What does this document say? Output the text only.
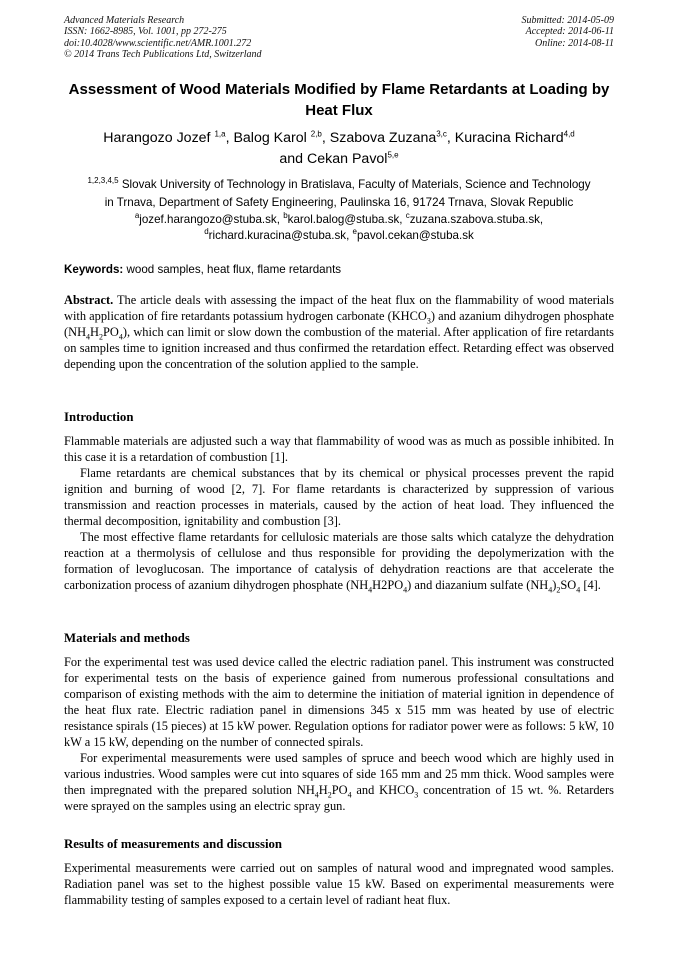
Advanced Materials Research
ISSN: 1662-8985, Vol. 1001, pp 272-275
doi:10.4028/www.scientific.net/AMR.1001.272
© 2014 Trans Tech Publications Ltd, Switzerland
Submitted: 2014-05-09
Accepted: 2014-06-11
Online: 2014-08-11
Assessment of Wood Materials Modified by Flame Retardants at Loading by Heat Flux
Harangozo Jozef $^{1,a}$, Balog Karol $^{2,b}$, Szabova Zuzana$^{3,c}$, Kuracina Richard$^{4,d}$
and Cekan Pavol$^{5,e}$
$^{1,2,3,4,5}$ Slovak University of Technology in Bratislava, Faculty of Materials, Science and Technology
in Trnava, Department of Safety Engineering, Paulinska 16, 91724 Trnava, Slovak Republic
$^a$jozef.harangozo@stuba.sk, $^b$karol.balog@stuba.sk, $^c$zuzana.szabova.stuba.sk,
$^d$richard.kuracina@stuba.sk, $^e$pavol.cekan@stuba.sk
Keywords: wood samples, heat flux, flame retardants

Abstract. The article deals with assessing the impact of the heat flux on the flammability of wood materials with application of fire retardants potassium hydrogen carbonate $(KHCO_3)$ and azanium dihydrogen phosphate $(NH_4H_2PO_4)$, which can limit or slow down the combustion of the material. After application of fire retardants on samples time to ignition increased and thus confirmed the retardation effect. Retarding effect was observed depending upon the concentration of the solution applied to the sample.

Introduction

Flammable materials are adjusted such a way that flammability of wood was as much as possible inhibited. In this case it is a retardation of combustion [1].

Flame retardants are chemical substances that by its chemical or physical processes prevent the rapid ignition and burning of wood [2, 7]. For flame retardants is characterized by suppression of various transmission and reaction processes in materials, caused by the action of heat load. They influenced the thermal decomposition, ignitability and combustion [3].

The most effective flame retardants for cellulosic materials are those salts which catalyze the dehydration reaction at a thermolysis of cellulose and thus responsible for providing the depolymerization with the formation of levoglucosan. The importance of catalysis of dehydration reactions are that accelerate the carbonization process of azanium dihydrogen phosphate $(NH_4H2PO_4)$ and diazanium sulfate $(NH_4)_2SO_4$ [4].

Materials and methods

For the experimental test was used device called the electric radiation panel. This instrument was constructed for experimental tests on the basis of experience gained from numerous professional consultations and comparison of existing methods with the aim to determine the initiation of material ignition in dependence of the heat flux rate. Electric radiation panel in dimensions 345 x 515 mm was heated by use of electric resistance spirals (15 pieces) at 15 kW power. Regulation options for radiator power were as follows: 5 kW, 10 kW a 15 kW, depending on the number of connected spirals.

For experimental measurements were used samples of spruce and beech wood which are highly used in various industries. Wood samples were cut into squares of side 165 mm and 25 mm thick. Wood samples were then impregnated with the prepared solution $NH_4H_2PO_4$ and $KHCO_3$ concentration of 15 wt. %. Retarders were sprayed on the samples using an electric spray gun.

Results of measurements and discussion

Experimental measurements were carried out on samples of natural wood and impregnated wood samples. Radiation panel was set to the highest possible value 15 kW. Based on experimental measurements were flammability testing of samples exposed to a certain level of radiant heat flux.
